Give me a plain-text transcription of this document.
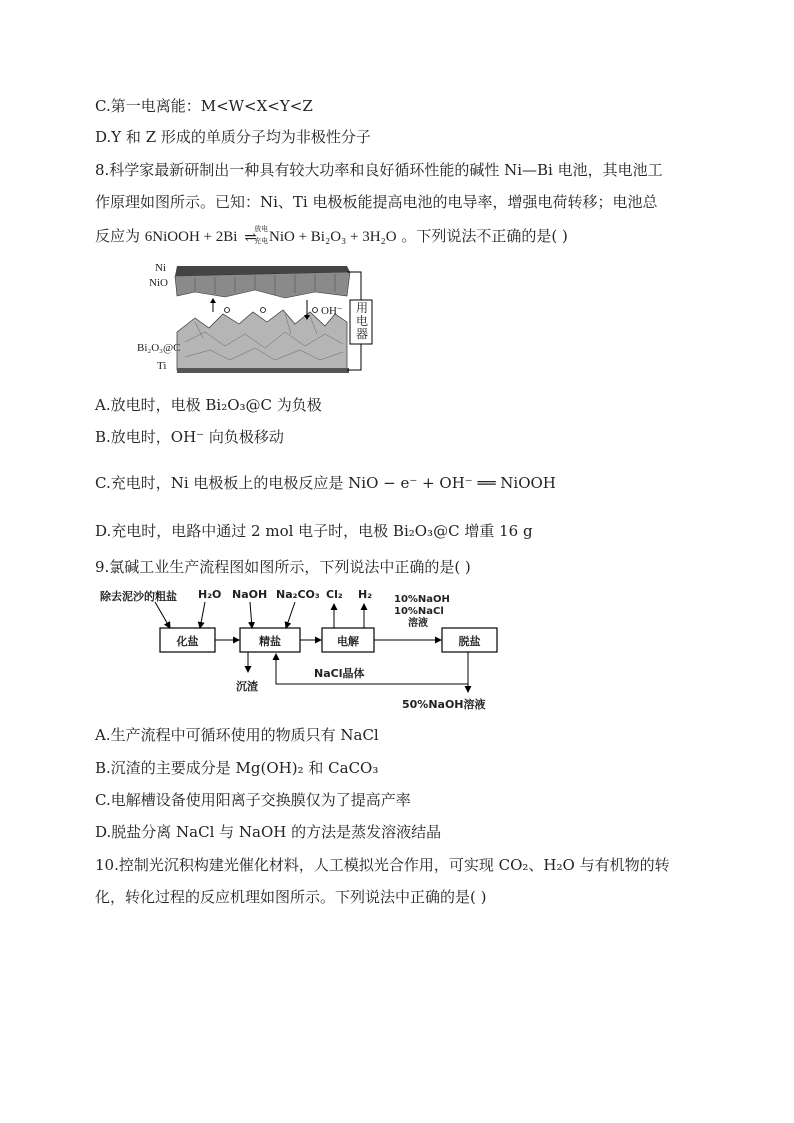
C.第一电离能：M<W<X<Y<Z
D.Y 和 Z 形成的单质分子均为非极性分子
8.科学家最新研制出一种具有较大功率和良好循环性能的碱性 Ni—Bi 电池，其电池工
作原理如图所示。已知：Ni、Ti 电极板能提高电池的电导率，增强电荷转移；电池总
反应为 6NiOOH + 2Bi ⇌
放电
充电 NiO + Bi₂O₃ + 3H₂O 。下列说法不正确的是( )
Ni
NiO
OH⁻
Bi₂O₃@C
Ti
用电器
A.放电时，电极 Bi₂O₃@C 为负极
B.放电时，OH⁻ 向负极移动
C.充电时，Ni 电极板上的电极反应是 NiO − e⁻ + OH⁻ ══ NiOOH
D.充电时，电路中通过 2 mol 电子时，电极 Bi₂O₃@C 增重 16 g
9.氯碱工业生产流程图如图所示，下列说法中正确的是( )
除去泥沙的粗盐 H₂O NaOH Na₂CO₃ Cl₂ H₂ 10%NaOH
10%NaCl
溶液
化盐	精盐	电解	脱盐
沉渣
NaCl晶体
50%NaOH溶液
A.生产流程中可循环使用的物质只有 NaCl
B.沉渣的主要成分是 Mg(OH)₂ 和 CaCO₃
C.电解槽设备使用阳离子交换膜仅为了提高产率
D.脱盐分离 NaCl 与 NaOH 的方法是蒸发溶液结晶
10.控制光沉积构建光催化材料，人工模拟光合作用，可实现 CO₂、H₂O 与有机物的转
化，转化过程的反应机理如图所示。下列说法中正确的是( )
